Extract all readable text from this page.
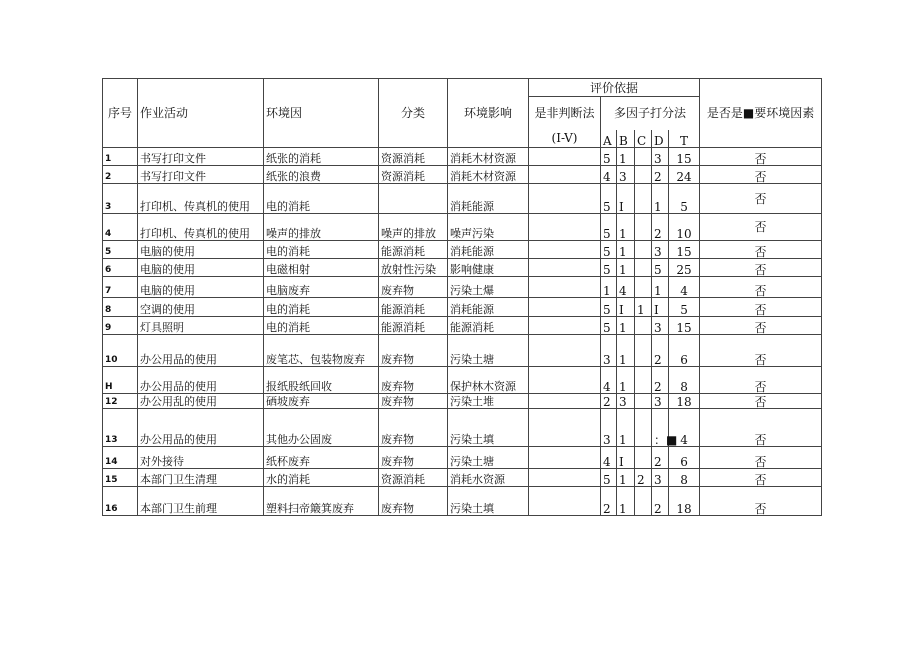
序号	作业活动	环境因	分类	环境影响	评价依据						是否是■要环境因素
					是非判断法	多因子打分法					
					(I-V)	A	B	C	D	T	
1	书写打印文件	纸张的消耗	资源消耗	消耗木材资源		5	1		3	15	否
2	书写打印文件	纸张的浪费	资源消耗	消耗木材资源		4	3		2	24	否
3	打印机、传真机的使用	电的消耗		消耗能源		5	I		1	5	否
4	打印机、传真机的使用	噪声的排放	噪声的排放	噪声污染		5	1		2	10	否
5	电脑的使用	电的消耗	能源消耗	消耗能源		5	1		3	15	否
6	电脑的使用	电磁相射	放射性污染	影响健康		5	1		5	25	否
7	电脑的使用	电脑废弃	废弃物	污染土爆		1	4		1	4	否
8	空调的使用	电的消耗	能源消耗	消耗能源		5	I	1	I	5	否
9	灯具照明	电的消耗	能源消耗	能源消耗		5	1		3	15	否
10	办公用品的使用	废笔芯、包装物废弃	废弃物	污染土塘		3	1		2	6	否
H	办公用品的使用	报纸股纸回收	废弃物	保护林木资源		4	1		2	8	否
12	办公用乱的使用	硒坡废弃	废弃物	污染土堆		2	3		3	18	否
13	办公用品的使用	其他办公固废	废弃物	污染土填		3	1		：■	4	否
14	对外接待	纸杯废弃	废弃物	污染土塘		4	I		2	6	否
15	本部门卫生清理	水的消耗	资源消耗	消耗水资源		5	1	2	3	8	否
16	本部门卫生前理	塑料扫帝簸箕废弃	废弃物	污染土填		2	1		2	18	否
